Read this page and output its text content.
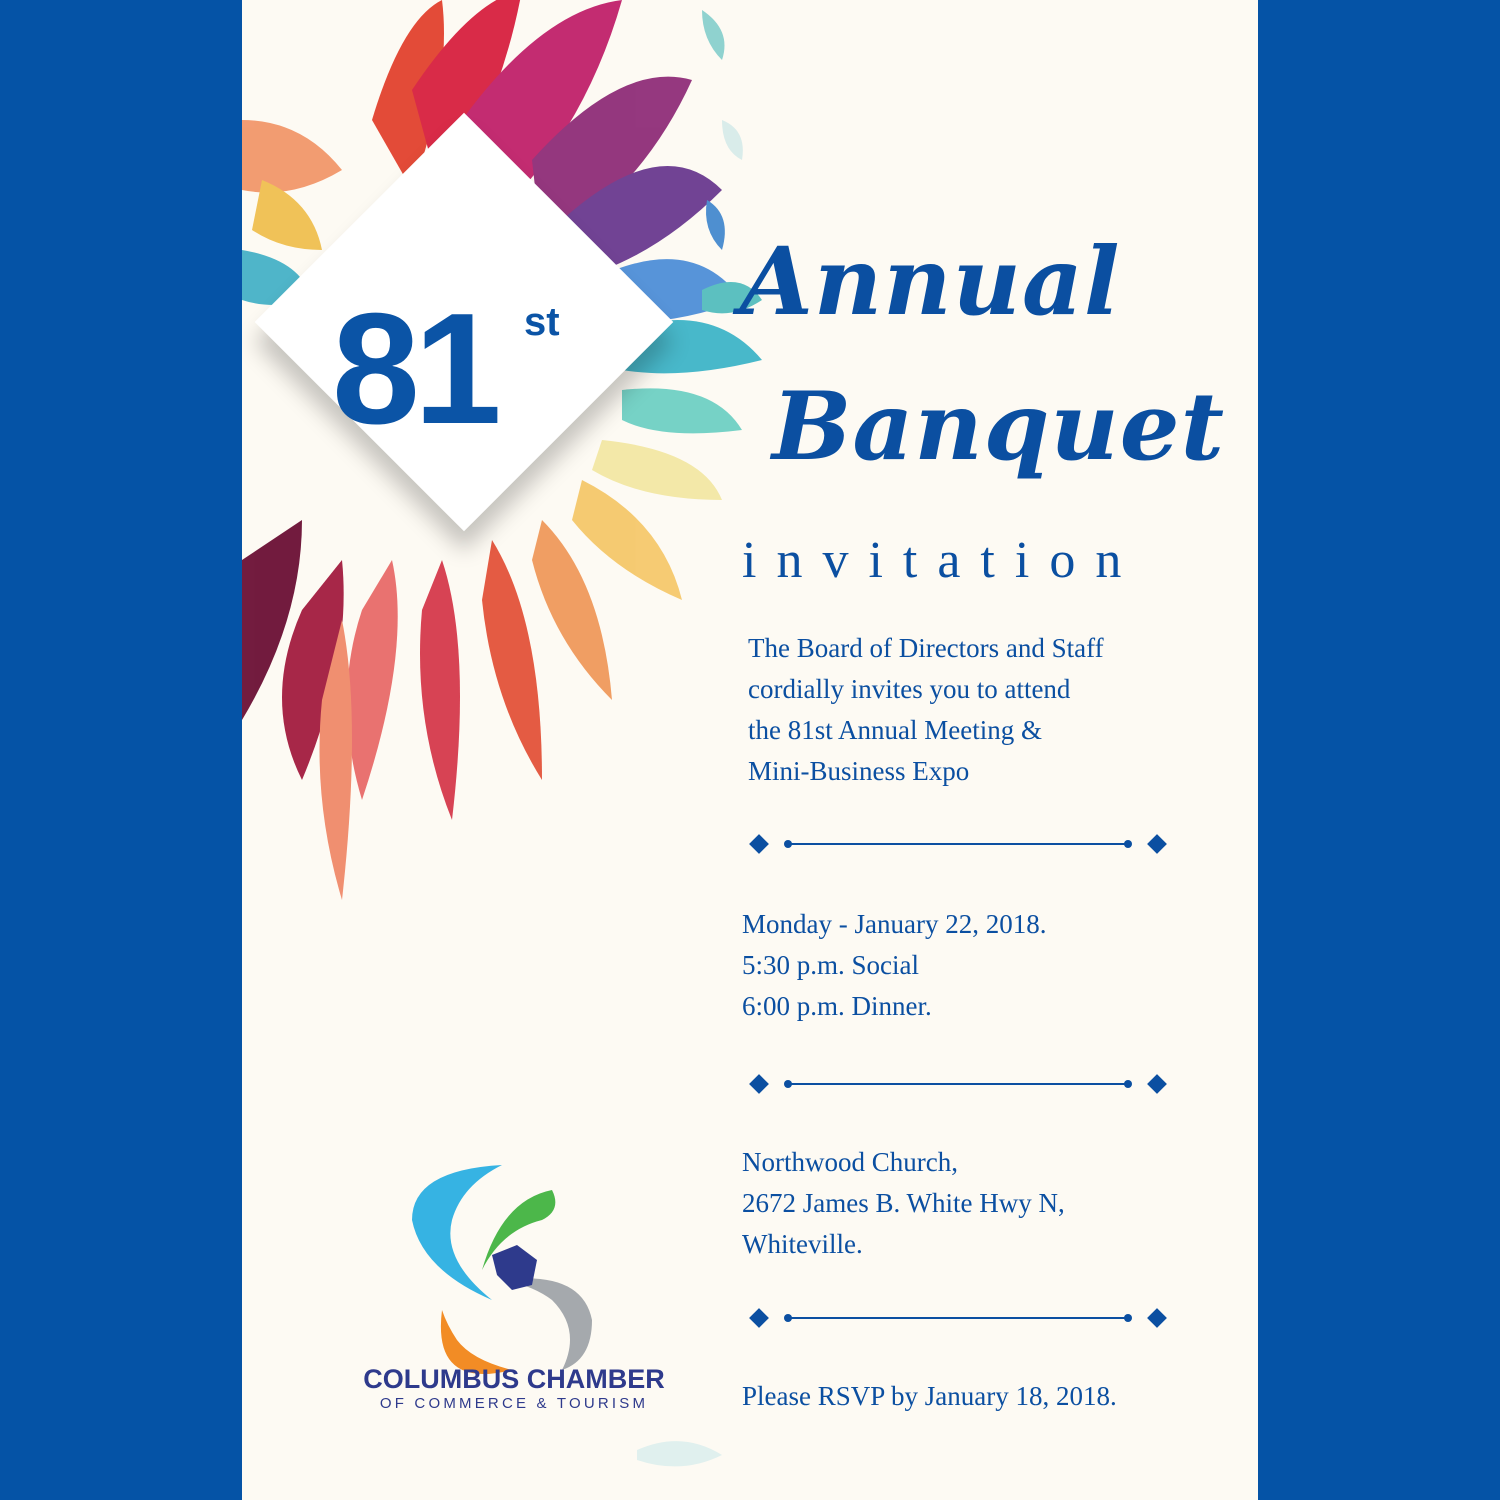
81 st Annual
Banquet
invitation
The Board of Directors and Staff
cordially invites you to attend
the 81st Annual Meeting &
Mini-Business Expo
Monday - January 22, 2018.
5:30 p.m. Social
6:00 p.m. Dinner.
Northwood Church,
2672 James B. White Hwy N,
Whiteville.
Please RSVP by January 18, 2018.
COLUMBUS CHAMBER
OF COMMERCE & TOURISM
